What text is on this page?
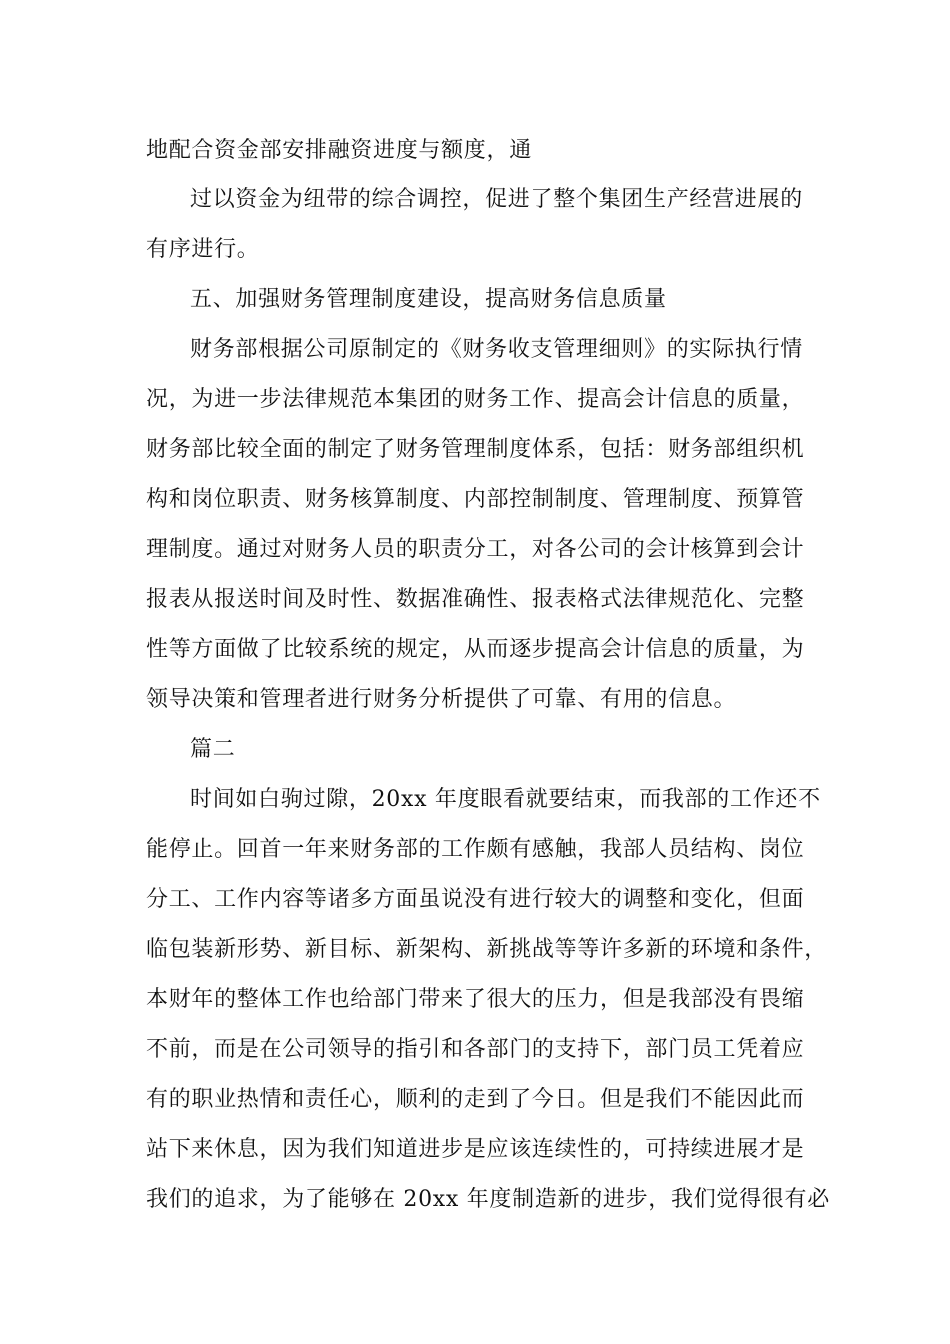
地配合资金部安排融资进度与额度，通
过以资金为纽带的综合调控，促进了整个集团生产经营进展的
有序进行。
五、加强财务管理制度建设，提高财务信息质量
财务部根据公司原制定的《财务收支管理细则》的实际执行情
况，为进一步法律规范本集团的财务工作、提高会计信息的质量，
财务部比较全面的制定了财务管理制度体系，包括：财务部组织机
构和岗位职责、财务核算制度、内部控制制度、管理制度、预算管
理制度。通过对财务人员的职责分工，对各公司的会计核算到会计
报表从报送时间及时性、数据准确性、报表格式法律规范化、完整
性等方面做了比较系统的规定，从而逐步提高会计信息的质量，为
领导决策和管理者进行财务分析提供了可靠、有用的信息。
篇二
时间如白驹过隙，20xx 年度眼看就要结束，而我部的工作还不
能停止。回首一年来财务部的工作颇有感触，我部人员结构、岗位
分工、工作内容等诸多方面虽说没有进行较大的调整和变化，但面
临包装新形势、新目标、新架构、新挑战等等许多新的环境和条件，
本财年的整体工作也给部门带来了很大的压力，但是我部没有畏缩
不前，而是在公司领导的指引和各部门的支持下，部门员工凭着应
有的职业热情和责任心，顺利的走到了今日。但是我们不能因此而
站下来休息，因为我们知道进步是应该连续性的，可持续进展才是
我们的追求，为了能够在 20xx 年度制造新的进步，我们觉得很有必
